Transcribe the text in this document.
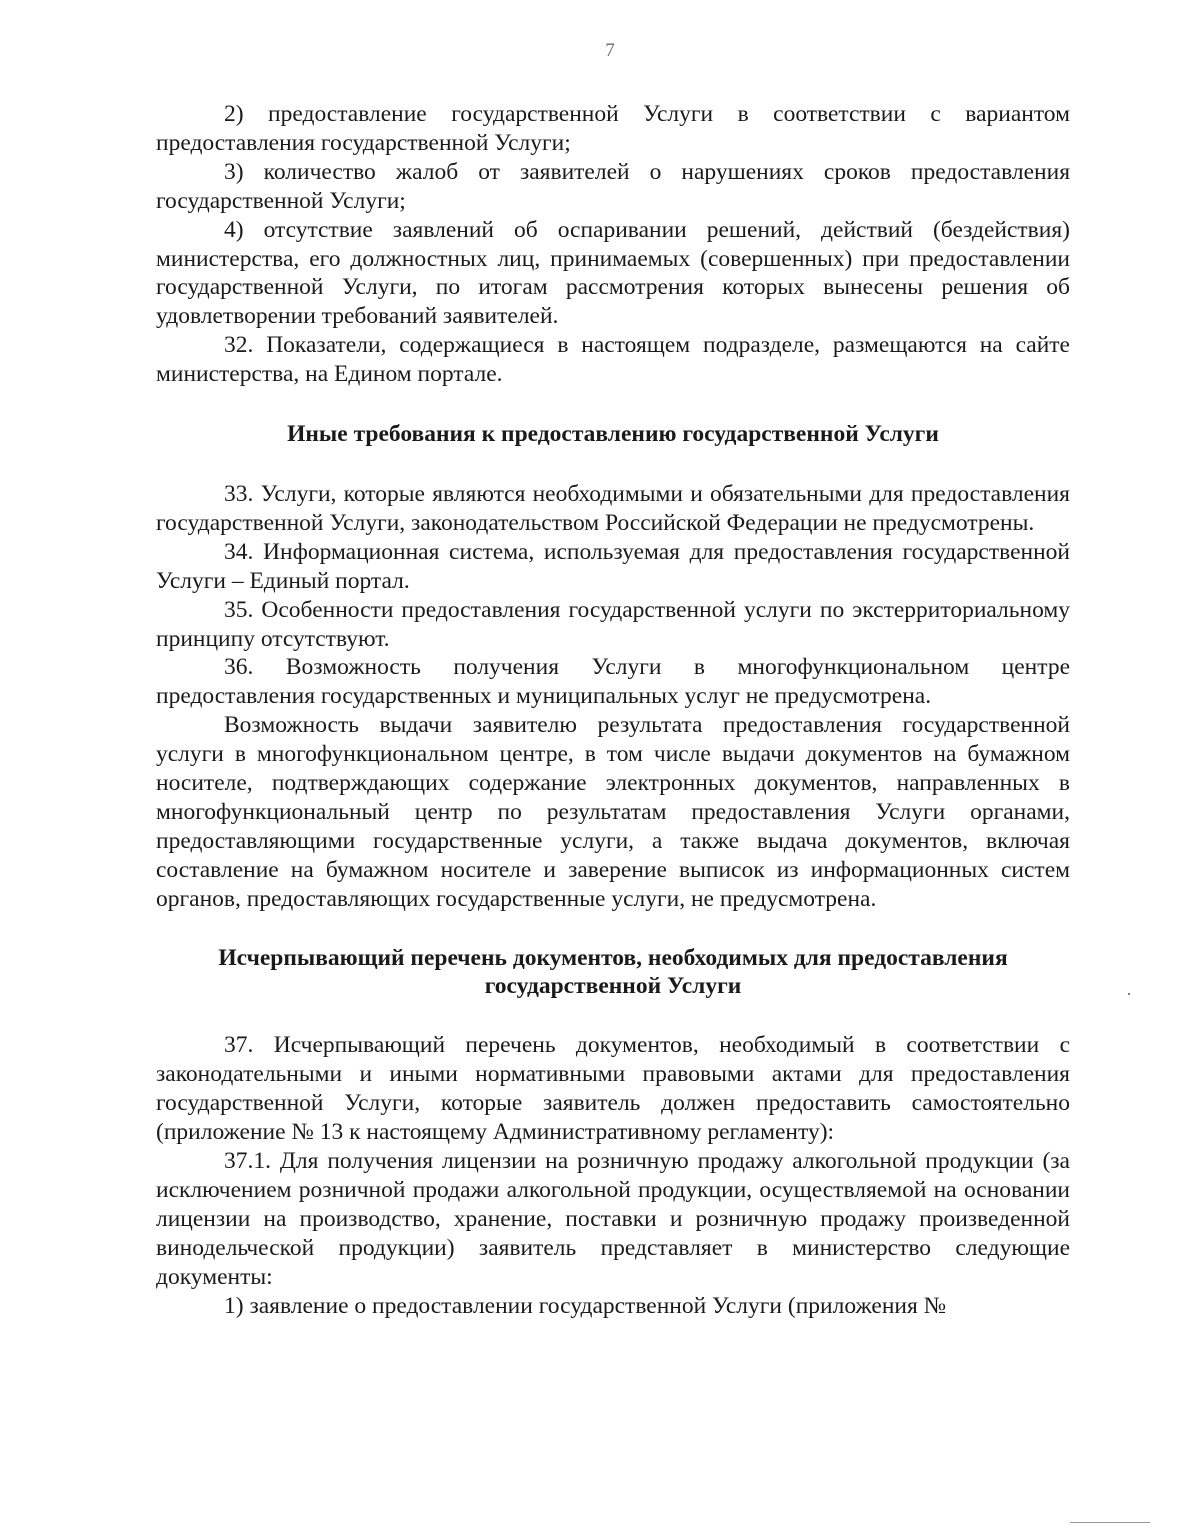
7

2) предоставление государственной Услуги в соответствии с вариантом предоставления государственной Услуги;

3) количество жалоб от заявителей о нарушениях сроков предоставления государственной Услуги;

4) отсутствие заявлений об оспаривании решений, действий (бездействия) министерства, его должностных лиц, принимаемых (совершенных) при предоставлении государственной Услуги, по итогам рассмотрения которых вынесены решения об удовлетворении требований заявителей.

32. Показатели, содержащиеся в настоящем подразделе, размещаются на сайте министерства, на Едином портале.

Иные требования к предоставлению государственной Услуги

33. Услуги, которые являются необходимыми и обязательными для предоставления государственной Услуги, законодательством Российской Федерации не предусмотрены.

34. Информационная система, используемая для предоставления государственной Услуги – Единый портал.

35. Особенности предоставления государственной услуги по экстерриториальному принципу отсутствуют.

36. Возможность получения Услуги в многофункциональном центре предоставления государственных и муниципальных услуг не предусмотрена.

Возможность выдачи заявителю результата предоставления государственной услуги в многофункциональном центре, в том числе выдачи документов на бумажном носителе, подтверждающих содержание электронных документов, направленных в многофункциональный центр по результатам предоставления Услуги органами, предоставляющими государственные услуги, а также выдача документов, включая составление на бумажном носителе и заверение выписок из информационных систем органов, предоставляющих государственные услуги, не предусмотрена.

Исчерпывающий перечень документов, необходимых для предоставления
государственной Услуги

37. Исчерпывающий перечень документов, необходимый в соответствии с законодательными и иными нормативными правовыми актами для предоставления государственной Услуги, которые заявитель должен предоставить самостоятельно (приложение № 13 к настоящему Административному регламенту):

37.1. Для получения лицензии на розничную продажу алкогольной продукции (за исключением розничной продажи алкогольной продукции, осуществляемой на основании лицензии на производство, хранение, поставки и розничную продажу произведенной винодельческой продукции) заявитель представляет в министерство следующие документы:

1) заявление о предоставлении государственной Услуги (приложения №
